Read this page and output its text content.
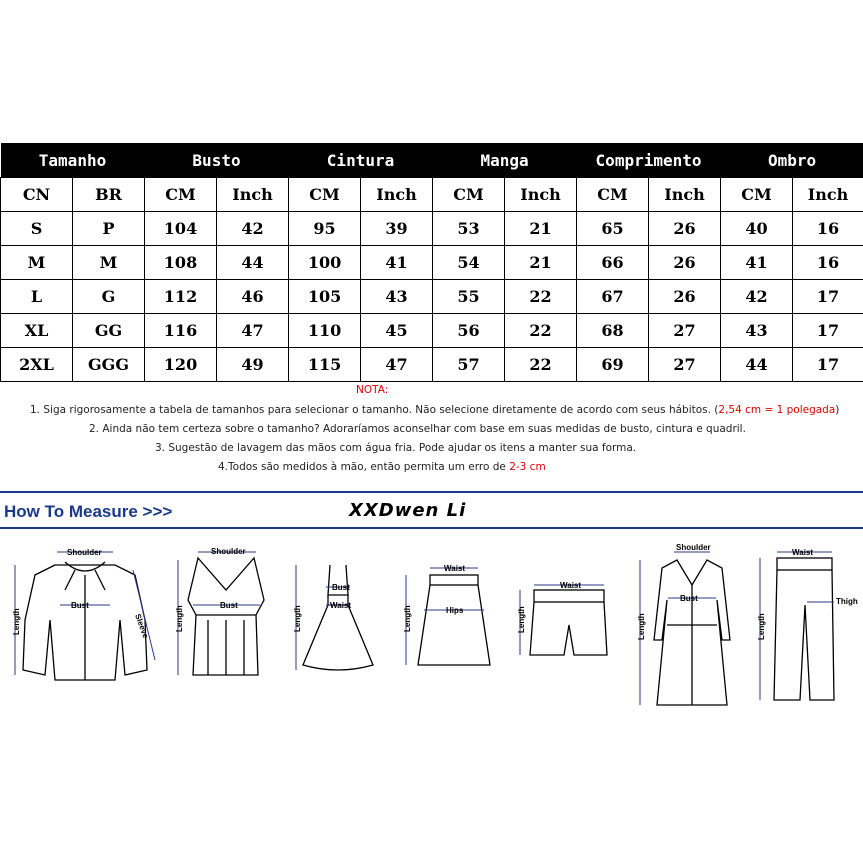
Tamanho		Busto		Cintura		Manga		Comprimento		Ombro	
CN	BR	CM	Inch	CM	Inch	CM	Inch	CM	Inch	CM	Inch
S	P	104	42	95	39	53	21	65	26	40	16
M	M	108	44	100	41	54	21	66	26	41	16
L	G	112	46	105	43	55	22	67	26	42	17
XL	GG	116	47	110	45	56	22	68	27	43	17
2XL	GGG	120	49	115	47	57	22	69	27	44	17
NOTA:
1. Siga rigorosamente a tabela de tamanhos para selecionar o tamanho. Não selecione diretamente de acordo com seus hábitos. (2,54 cm = 1 polegada)
2. Ainda não tem certeza sobre o tamanho? Adoraríamos aconselhar com base em suas medidas de busto, cintura e quadril.
3. Sugestão de lavagem das mãos com água fria. Pode ajudar os itens a manter sua forma.
4.Todos são medidos à mão, então permita um erro de 2-3 cm
How To Measure >>>	XXDwen Li
Shoulder
Bust
Length	Sleeve
Shoulder
Bust
Length
Bust
Waist
Length
Waist
Hips
Length
Waist
Length
Shoulder
Bust
Length
Waist
Thigh
Length
